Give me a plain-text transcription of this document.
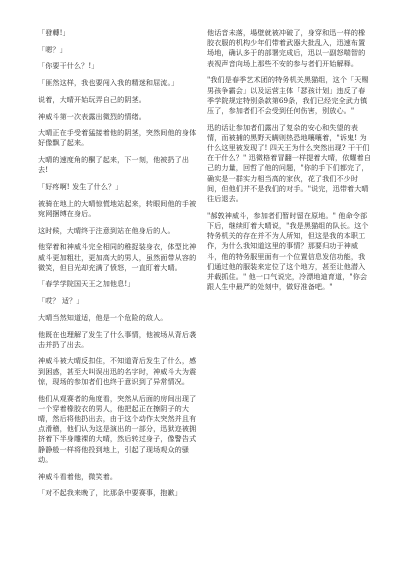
「發轉!」

「嗯？」

「你要干什么？!」

「匪然这样，我也要闯入我的精迷和屈流。」

说着，大晴开始玩弄自己的阴茎。

神威斗第一次表露出微烈的情绪。

大晴正在手受着猛接着他的阴茎，突然间他的身体好像飘了起来。

大晴的速度角的酮了起来，下一刻，他被扔了出去!

「好疼啊! 发生了什么？」

被骑在地上的大晴惊慌地站起来，转眼间他的手被宛网捆缚在身后。

这时候，大晴终于注意到站在他身后的人。

他穿着和神威斗完全相同的稚捉装身衣，体型比神威斗更加粗壮，更加高大的男人，虽然面带从容的微笑，但目光却充满了愤怒，一直盯着大晴。

「春学学院国天王之加他息!」

「哎？ 适？」

大晴当然知道适，他是一个危险的敌人。

他既在也理解了发生了什么事情，他被场从背后袭击并扔了出去。

神威斗被大晴反扣住，不知道背后发生了什么，感到困惑，甚至大叫误出迅的名字时，神威斗大为震惊，现场的参加者们也终于意识到了异常情况。

他们从观赛者的角度看，突然从后面的房间出现了一个穿着橡胶衣的男人，他把起正在擦阴子的大晴，然后将他扔出去，由于这个动作太突然并且有点滑稽，他们认为这是演出的一部分，迅狱迩被拥挤着下半身雕裸的大晴，然后转过身子，像警告式静静般一样将他投到地上，引起了现场观众的骚动。

神威斗看着他，微笑着。

「对不起我来晚了，比那条中要赛事，抱歉」

他话音未落，場壁就被冲破了，身穿和迅一样的橡胶衣服的机构少年们带着武器大批乱入，迅速布置场地，确认多于的部署完成后，迅以一副怒喘智的表视声音向场上那些不安的参与者们开始解释。

"我们是春季艺术团的特务机关黑猫组，这个「天赐男孩争霸会」以及运营主体「瑟孩计划」违反了春季学院规定特别条款第69条，我们已经完全武力镇压了，参加者们不会受到任何伤害，别放心。"

迅的话让参加者们露出了复杂的安心和失望的表情，而被捕的黑野天瞒则热恐地嚷嚷着，"诉鬼! 为什么这里被发现了! 四天王为什么突然出现? 干干们在干什么？" 迅微格着冒翻一样提着大晴，依耀着自己的力量，回哲了他的问题，"你的手下们都完了，确实是一群实力相当高的家伙，花了我们不少时间，但他们并不是我们的对手。"说完，迅带着大晴往后退去。

"郝敦神威斗，参加者们暂时留在原地。" 他命令部下后，继续盯着大晴说，"我是黑猫组的队长。这个特务机关的存在并不为人所知，但这是我的本职工作，为什么我知道这里的事情？那要归功于神威斗，他的特务服里面有一个位置信息发信功能，我们通过他的服装来定位了这个地方，甚至让他潜入并载抓住。" 他一口气说完，冷漂地迪育道，"你会跟人生中最严的处刻中，做好准备吧。"
